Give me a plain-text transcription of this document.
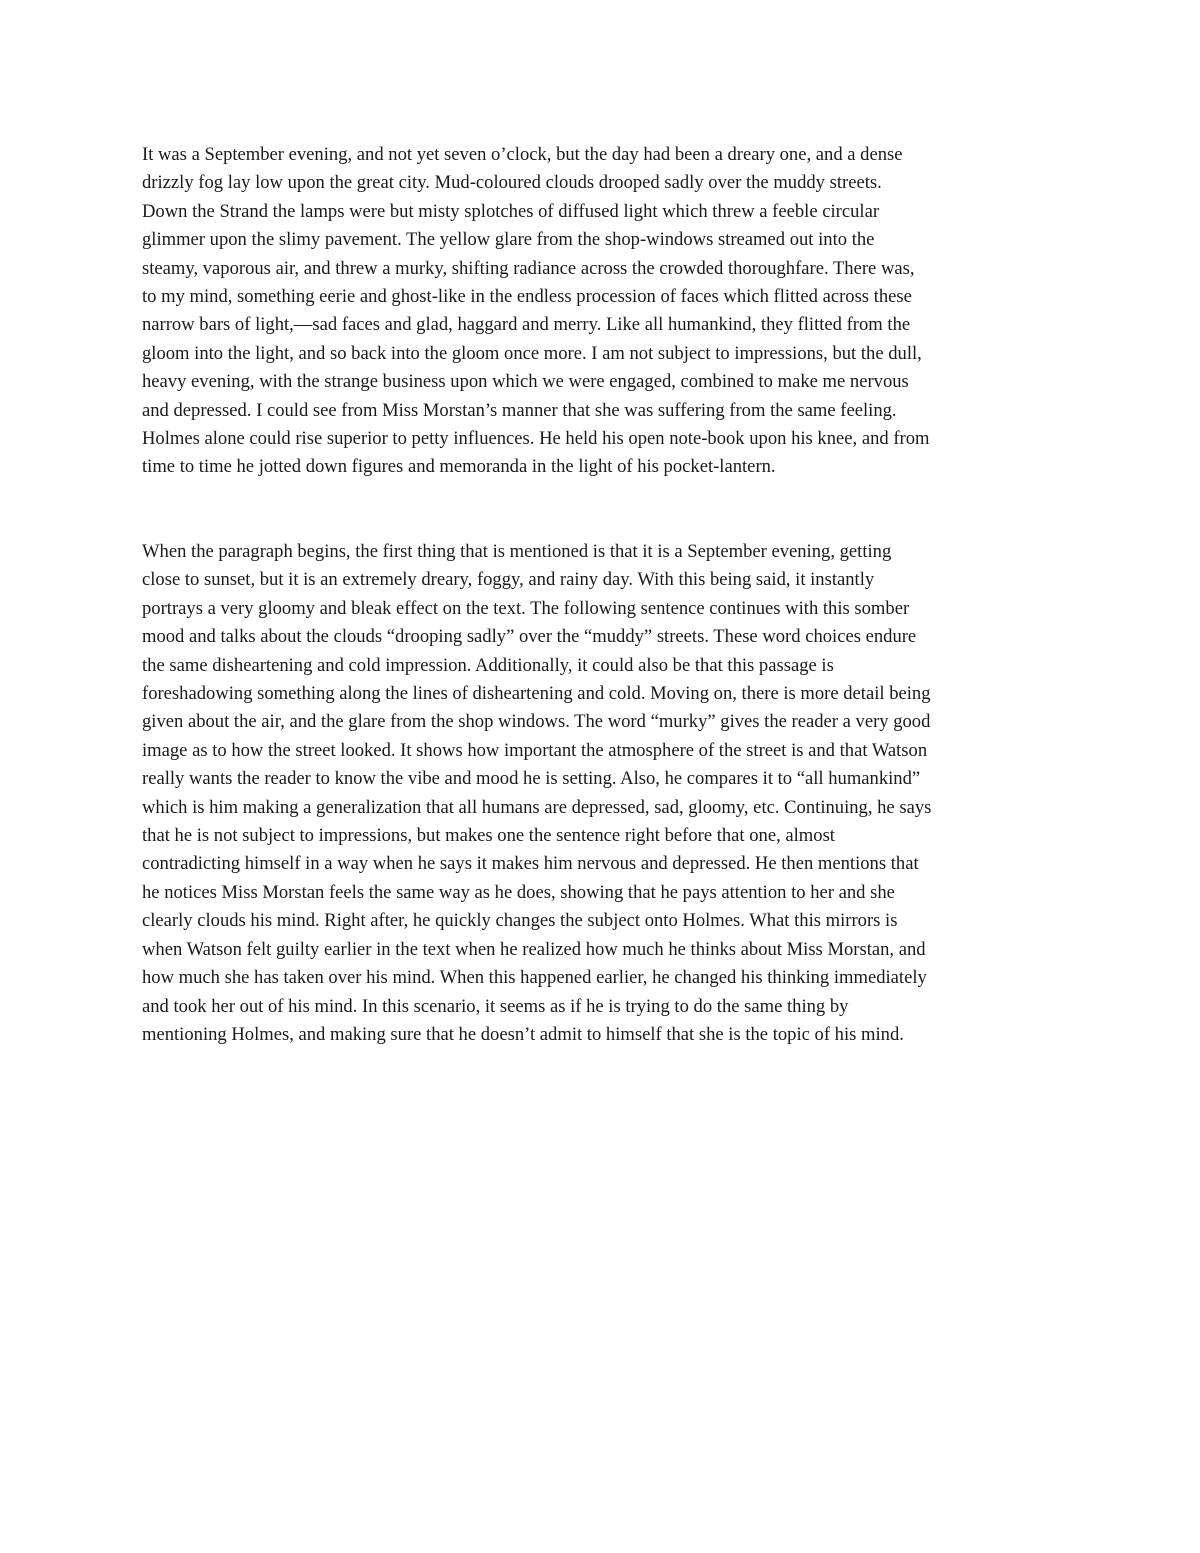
It was a September evening, and not yet seven o’clock, but the day had been a dreary one, and a dense
drizzly fog lay low upon the great city. Mud-coloured clouds drooped sadly over the muddy streets.
Down the Strand the lamps were but misty splotches of diffused light which threw a feeble circular
glimmer upon the slimy pavement. The yellow glare from the shop-windows streamed out into the
steamy, vaporous air, and threw a murky, shifting radiance across the crowded thoroughfare. There was,
to my mind, something eerie and ghost-like in the endless procession of faces which flitted across these
narrow bars of light,—sad faces and glad, haggard and merry. Like all humankind, they flitted from the
gloom into the light, and so back into the gloom once more. I am not subject to impressions, but the dull,
heavy evening, with the strange business upon which we were engaged, combined to make me nervous
and depressed. I could see from Miss Morstan’s manner that she was suffering from the same feeling.
Holmes alone could rise superior to petty influences. He held his open note-book upon his knee, and from
time to time he jotted down figures and memoranda in the light of his pocket-lantern.
When the paragraph begins, the first thing that is mentioned is that it is a September evening, getting
close to sunset, but it is an extremely dreary, foggy, and rainy day. With this being said, it instantly
portrays a very gloomy and bleak effect on the text. The following sentence continues with this somber
mood and talks about the clouds “drooping sadly” over the “muddy” streets. These word choices endure
the same disheartening and cold impression. Additionally, it could also be that this passage is
foreshadowing something along the lines of disheartening and cold. Moving on, there is more detail being
given about the air, and the glare from the shop windows. The word “murky” gives the reader a very good
image as to how the street looked. It shows how important the atmosphere of the street is and that Watson
really wants the reader to know the vibe and mood he is setting. Also, he compares it to “all humankind”
which is him making a generalization that all humans are depressed, sad, gloomy, etc. Continuing, he says
that he is not subject to impressions, but makes one the sentence right before that one, almost
contradicting himself in a way when he says it makes him nervous and depressed. He then mentions that
he notices Miss Morstan feels the same way as he does, showing that he pays attention to her and she
clearly clouds his mind. Right after, he quickly changes the subject onto Holmes. What this mirrors is
when Watson felt guilty earlier in the text when he realized how much he thinks about Miss Morstan, and
how much she has taken over his mind. When this happened earlier, he changed his thinking immediately
and took her out of his mind. In this scenario, it seems as if he is trying to do the same thing by
mentioning Holmes, and making sure that he doesn’t admit to himself that she is the topic of his mind.
